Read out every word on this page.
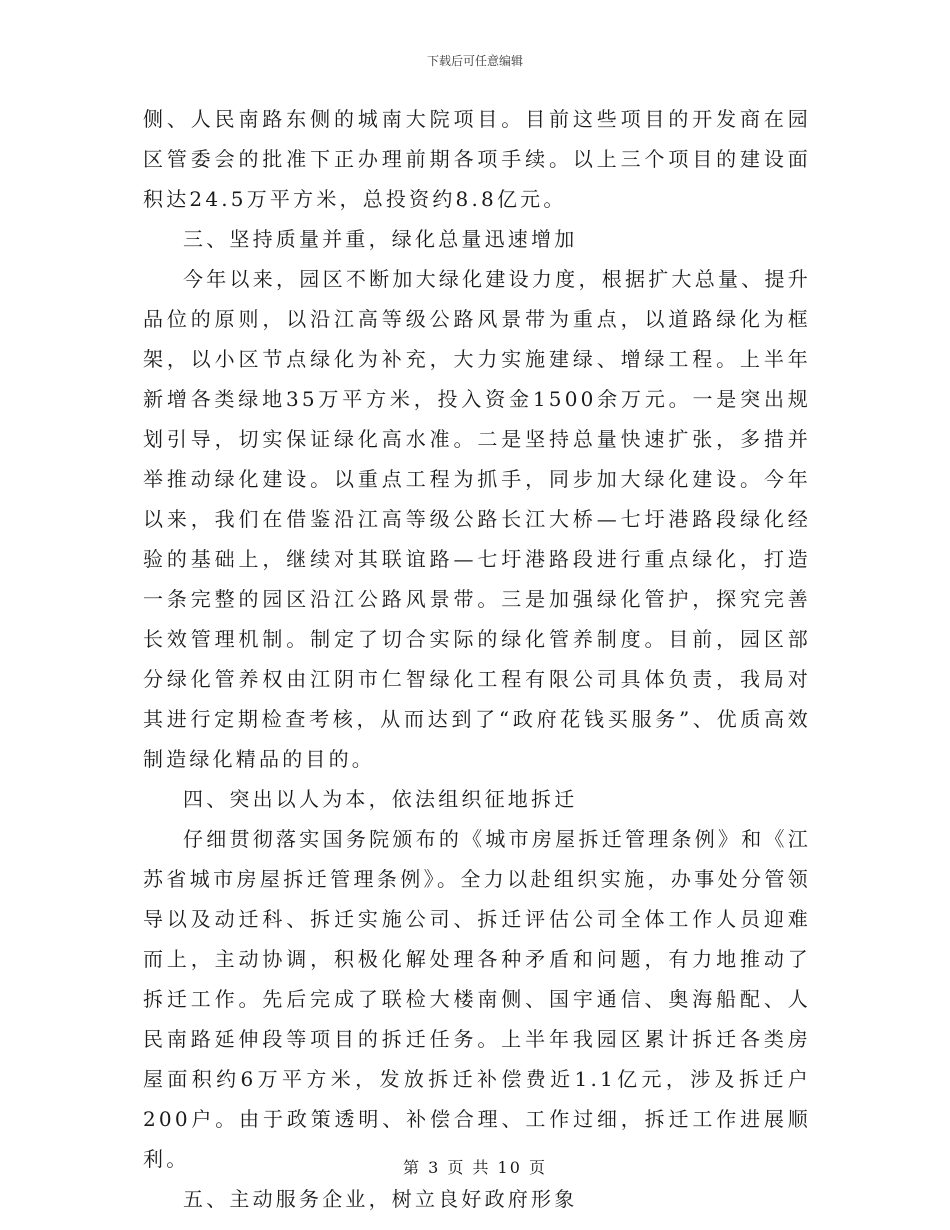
下载后可任意编辑

侧、人民南路东侧的城南大院项目。目前这些项目的开发商在园区管委会的批准下正办理前期各项手续。以上三个项目的建设面积达24.5万平方米，总投资约8.8亿元。

三、坚持质量并重，绿化总量迅速增加

今年以来，园区不断加大绿化建设力度，根据扩大总量、提升品位的原则，以沿江高等级公路风景带为重点，以道路绿化为框架，以小区节点绿化为补充，大力实施建绿、增绿工程。上半年新增各类绿地35万平方米，投入资金1500余万元。一是突出规划引导，切实保证绿化高水准。二是坚持总量快速扩张，多措并举推动绿化建设。以重点工程为抓手，同步加大绿化建设。今年以来，我们在借鉴沿江高等级公路长江大桥—七圩港路段绿化经验的基础上，继续对其联谊路—七圩港路段进行重点绿化，打造一条完整的园区沿江公路风景带。三是加强绿化管护，探究完善长效管理机制。制定了切合实际的绿化管养制度。目前，园区部分绿化管养权由江阴市仁智绿化工程有限公司具体负责，我局对其进行定期检查考核，从而达到了“政府花钱买服务”、优质高效制造绿化精品的目的。

四、突出以人为本，依法组织征地拆迁

仔细贯彻落实国务院颁布的《城市房屋拆迁管理条例》和《江苏省城市房屋拆迁管理条例》。全力以赴组织实施，办事处分管领导以及动迁科、拆迁实施公司、拆迁评估公司全体工作人员迎难而上，主动协调，积极化解处理各种矛盾和问题，有力地推动了拆迁工作。先后完成了联检大楼南侧、国宇通信、奥海船配、人民南路延伸段等项目的拆迁任务。上半年我园区累计拆迁各类房屋面积约6万平方米，发放拆迁补偿费近1.1亿元，涉及拆迁户200户。由于政策透明、补偿合理、工作过细，拆迁工作进展顺利。

五、主动服务企业，树立良好政府形象

第 3 页 共 10 页
